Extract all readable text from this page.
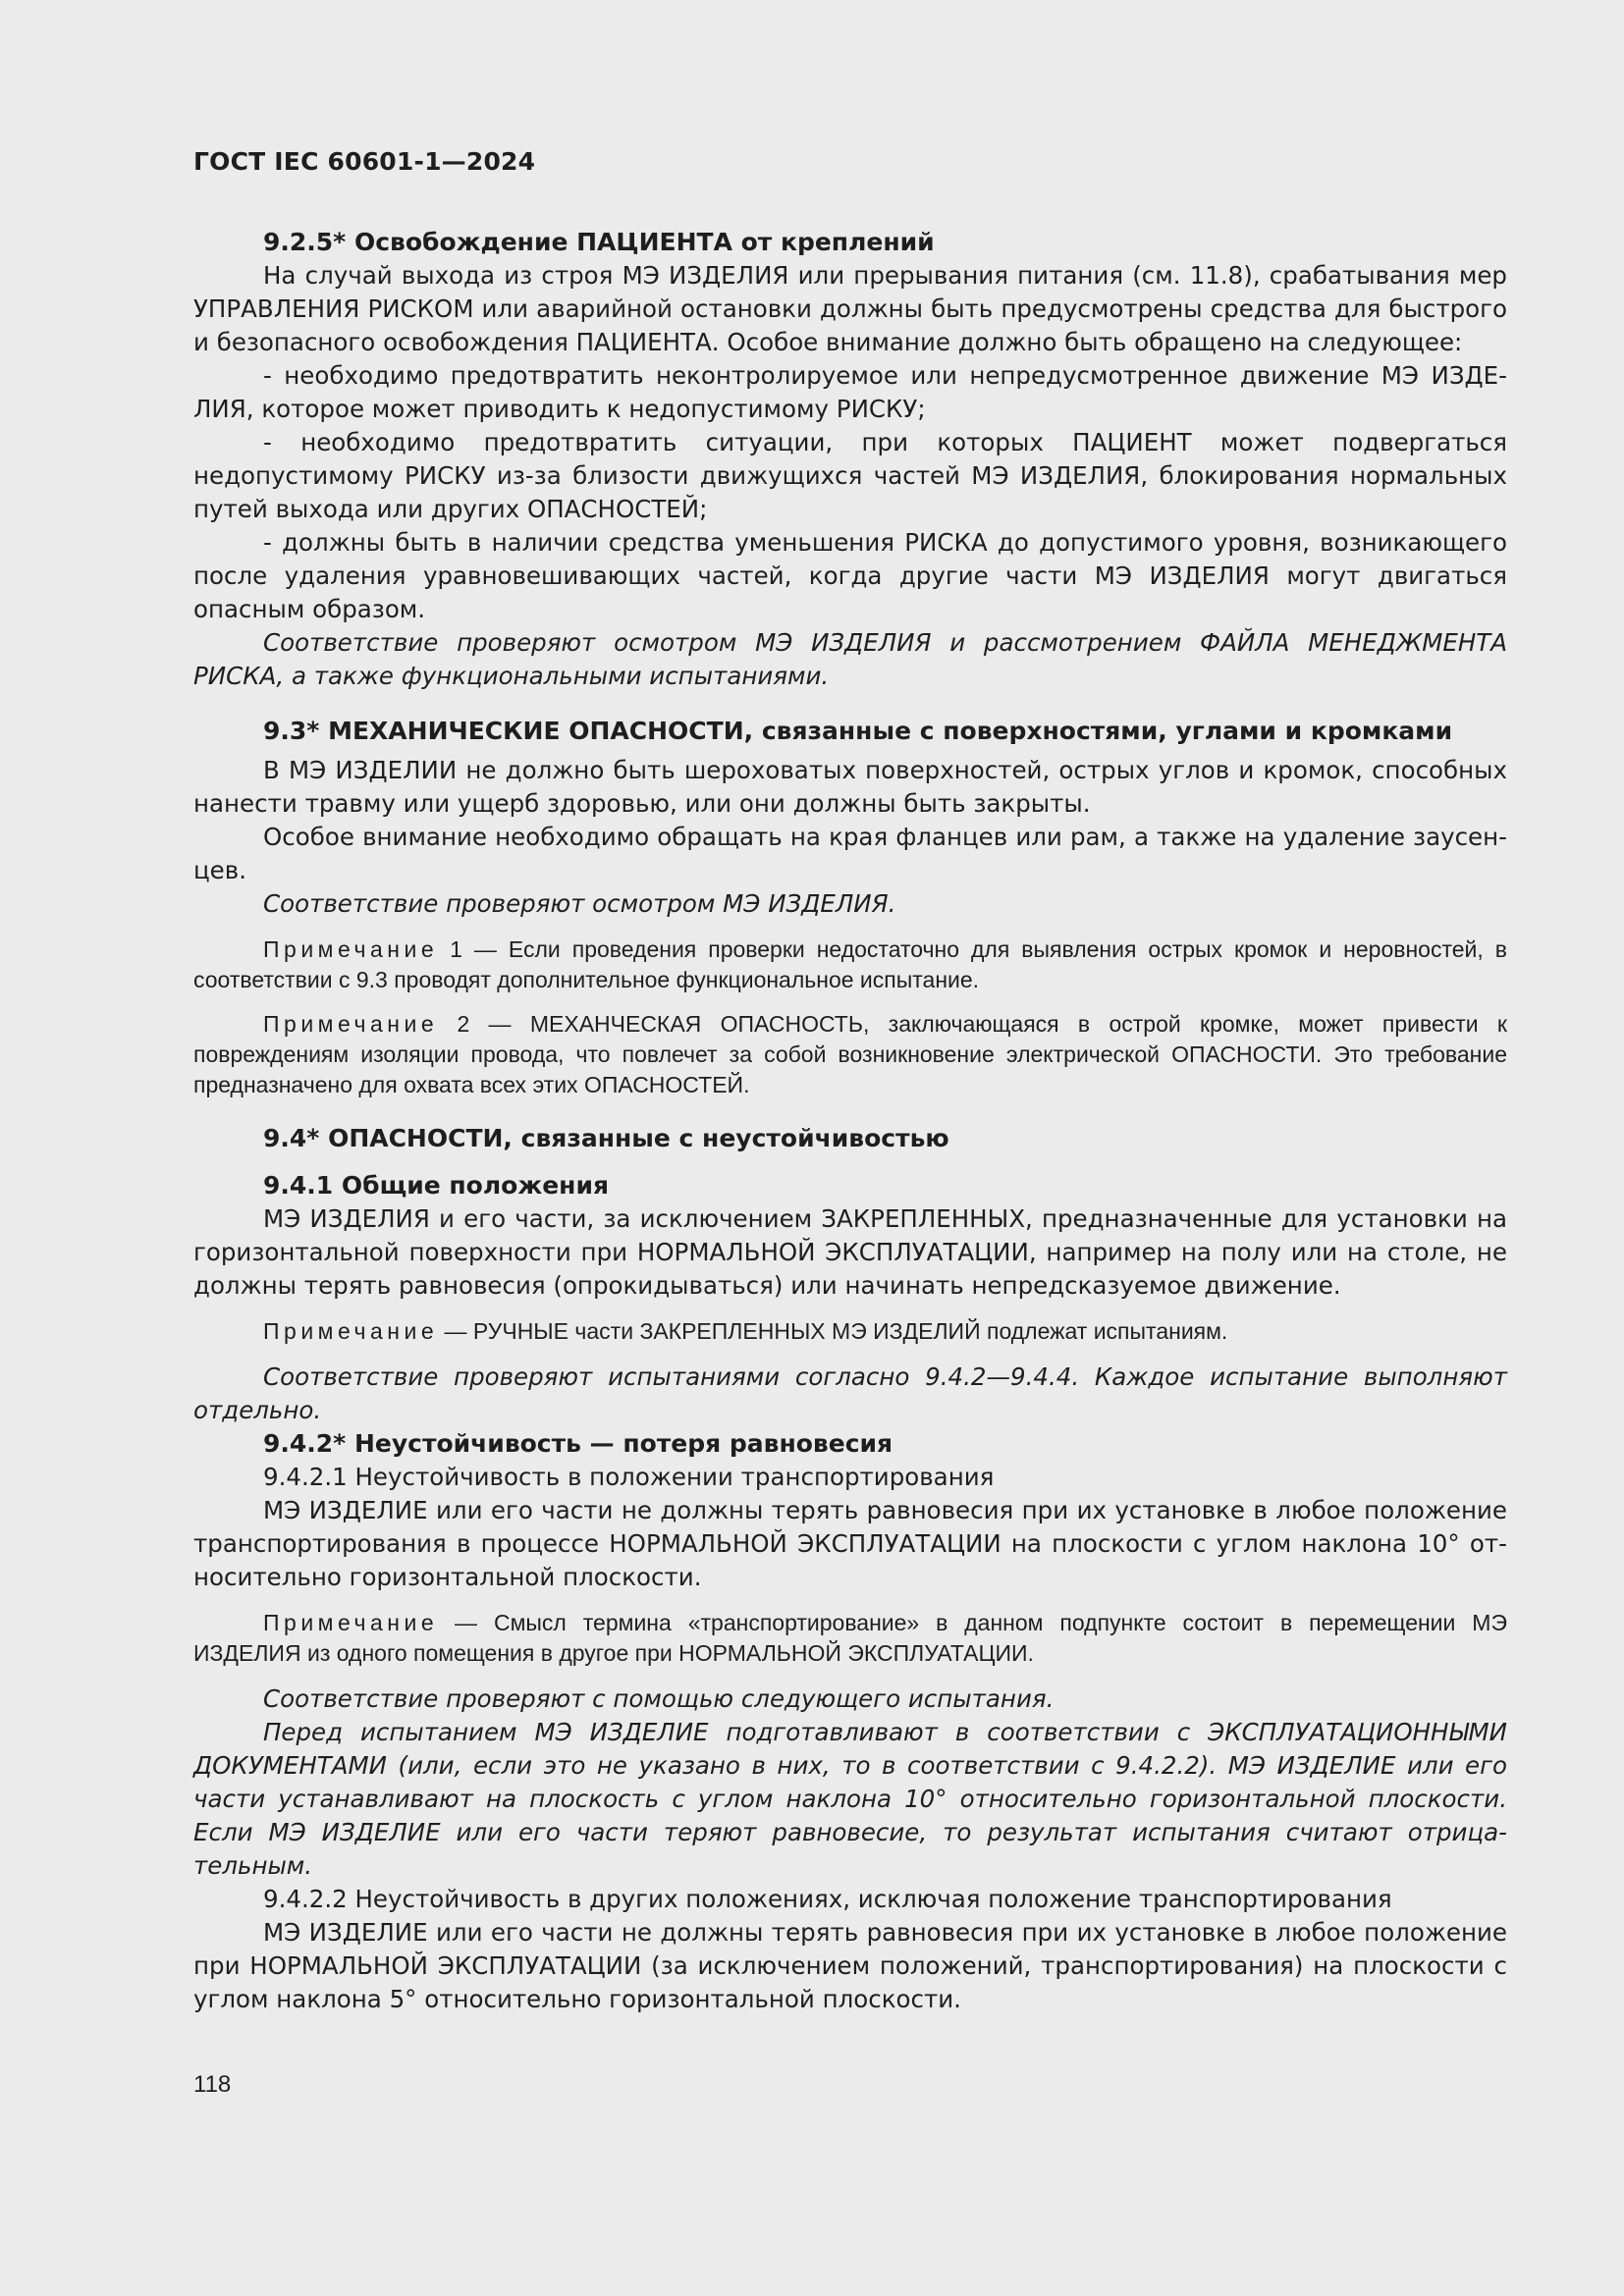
ГОСТ IEC 60601-1—2024

9.2.5* Освобождение ПАЦИЕНТА от креплений

На случай выхода из строя МЭ ИЗДЕЛИЯ или прерывания питания (см. 11.8), срабатывания мер УПРАВЛЕНИЯ РИСКОМ или аварийной остановки должны быть предусмотрены средства для быстрого и безопасного освобождения ПАЦИЕНТА. Особое внимание должно быть обращено на следующее:

- необходимо предотвратить неконтролируемое или непредусмотренное движение МЭ ИЗДЕЛИЯ, которое может приводить к недопустимому РИСКУ;

- необходимо предотвратить ситуации, при которых ПАЦИЕНТ может подвергаться недопустимому РИСКУ из-за близости движущихся частей МЭ ИЗДЕЛИЯ, блокирования нормальных путей выхода или других ОПАСНОСТЕЙ;

- должны быть в наличии средства уменьшения РИСКА до допустимого уровня, возникающего после удаления уравновешивающих частей, когда другие части МЭ ИЗДЕЛИЯ могут двигаться опасным образом.

Соответствие проверяют осмотром МЭ ИЗДЕЛИЯ и рассмотрением ФАЙЛА МЕНЕДЖМЕНТА РИСКА, а также функциональными испытаниями.

9.3* МЕХАНИЧЕСКИЕ ОПАСНОСТИ, связанные с поверхностями, углами и кромками

В МЭ ИЗДЕЛИИ не должно быть шероховатых поверхностей, острых углов и кромок, способных нанести травму или ущерб здоровью, или они должны быть закрыты.

Особое внимание необходимо обращать на края фланцев или рам, а также на удаление заусенцев.

Соответствие проверяют осмотром МЭ ИЗДЕЛИЯ.

Примечание 1 — Если проведения проверки недостаточно для выявления острых кромок и неровностей, в соответствии с 9.3 проводят дополнительное функциональное испытание.

Примечание 2 — МЕХАНЧЕСКАЯ ОПАСНОСТЬ, заключающаяся в острой кромке, может привести к повреждениям изоляции провода, что повлечет за собой возникновение электрической ОПАСНОСТИ. Это требование предназначено для охвата всех этих ОПАСНОСТЕЙ.

9.4* ОПАСНОСТИ, связанные с неустойчивостью

9.4.1 Общие положения

МЭ ИЗДЕЛИЯ и его части, за исключением ЗАКРЕПЛЕННЫХ, предназначенные для установки на горизонтальной поверхности при НОРМАЛЬНОЙ ЭКСПЛУАТАЦИИ, например на полу или на столе, не должны терять равновесия (опрокидываться) или начинать непредсказуемое движение.

Примечание — РУЧНЫЕ части ЗАКРЕПЛЕННЫХ МЭ ИЗДЕЛИЙ подлежат испытаниям.

Соответствие проверяют испытаниями согласно 9.4.2—9.4.4. Каждое испытание выполняют отдельно.

9.4.2* Неустойчивость — потеря равновесия

9.4.2.1 Неустойчивость в положении транспортирования

МЭ ИЗДЕЛИЕ или его части не должны терять равновесия при их установке в любое положение транспортирования в процессе НОРМАЛЬНОЙ ЭКСПЛУАТАЦИИ на плоскости с углом наклона 10° относительно горизонтальной плоскости.

Примечание — Смысл термина «транспортирование» в данном подпункте состоит в перемещении МЭ ИЗДЕЛИЯ из одного помещения в другое при НОРМАЛЬНОЙ ЭКСПЛУАТАЦИИ.

Соответствие проверяют с помощью следующего испытания.

Перед испытанием МЭ ИЗДЕЛИЕ подготавливают в соответствии с ЭКСПЛУАТАЦИОННЫМИ ДОКУМЕНТАМИ (или, если это не указано в них, то в соответствии с 9.4.2.2). МЭ ИЗДЕЛИЕ или его части устанавливают на плоскость с углом наклона 10° относительно горизонтальной плоскости. Если МЭ ИЗДЕЛИЕ или его части теряют равновесие, то результат испытания считают отрицательным.

9.4.2.2 Неустойчивость в других положениях, исключая положение транспортирования

МЭ ИЗДЕЛИЕ или его части не должны терять равновесия при их установке в любое положение при НОРМАЛЬНОЙ ЭКСПЛУАТАЦИИ (за исключением положений, транспортирования) на плоскости с углом наклона 5° относительно горизонтальной плоскости.

118
